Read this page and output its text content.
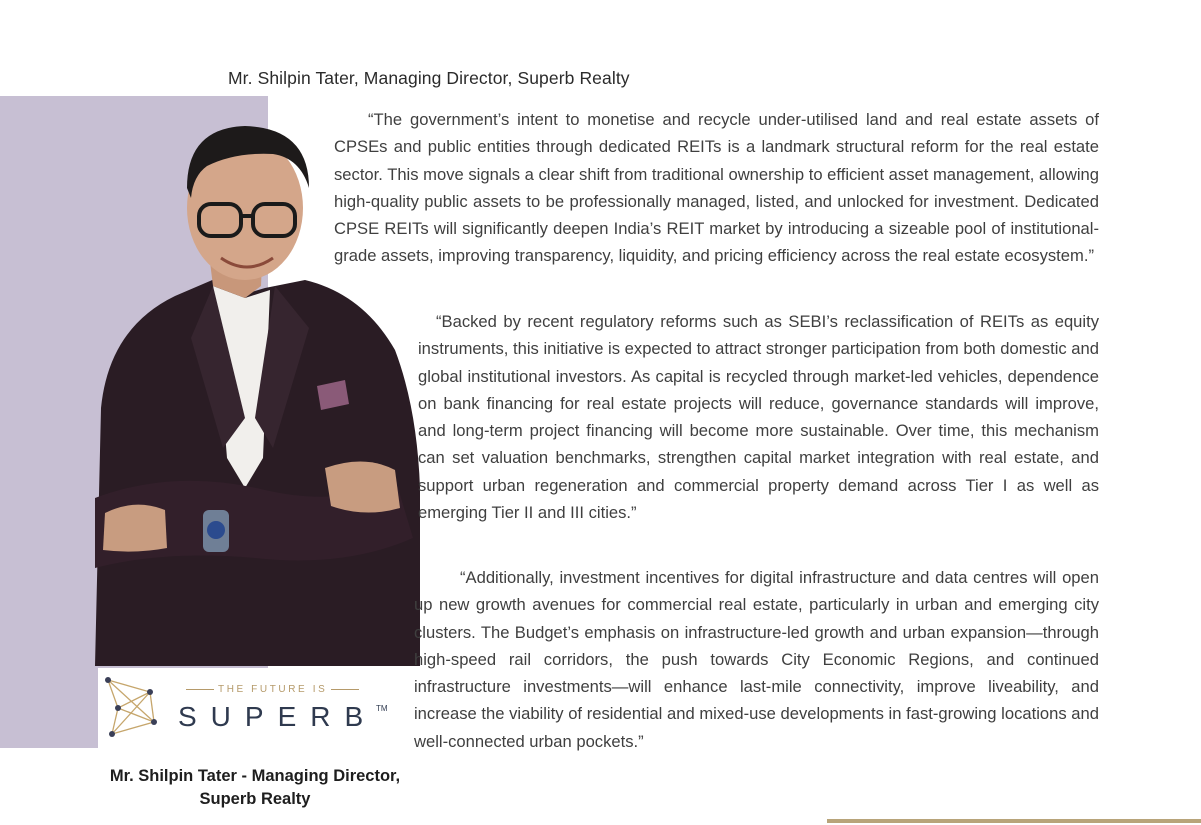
Mr. Shilpin Tater, Managing Director, Superb Realty
THE FUTURE IS
SUPERB
TM
Mr. Shilpin Tater - Managing Director,
Superb Realty
“The government’s intent to monetise and recycle under-utilised land and real estate assets of CPSEs and public entities through dedicated REITs is a landmark structural reform for the real estate sector. This move signals a clear shift from traditional ownership to efficient asset management, allowing high-quality public assets to be professionally managed, listed, and unlocked for investment. Dedicated CPSE REITs will significantly deepen India’s REIT market by introducing a sizeable pool of institutional-grade assets, improving transparency, liquidity, and pricing efficiency across the real estate ecosystem.”
“Backed by recent regulatory reforms such as SEBI’s reclassification of REITs as equity instruments, this initiative is expected to attract stronger participation from both domestic and global institutional investors. As capital is recycled through market-led vehicles, dependence on bank financing for real estate projects will reduce, governance standards will improve, and long-term project financing will become more sustainable. Over time, this mechanism can set valuation benchmarks, strengthen capital market integration with real estate, and support urban regeneration and commercial property demand across Tier I as well as emerging Tier II and III cities.”
“Additionally, investment incentives for digital infrastructure and data centres will open up new growth avenues for commercial real estate, particularly in urban and emerging city clusters. The Budget’s emphasis on infrastructure-led growth and urban expansion—through high-speed rail corridors, the push towards City Economic Regions, and continued infrastructure investments—will enhance last-mile connectivity, improve liveability, and increase the viability of residential and mixed-use developments in fast-growing locations and well-connected urban pockets.”
